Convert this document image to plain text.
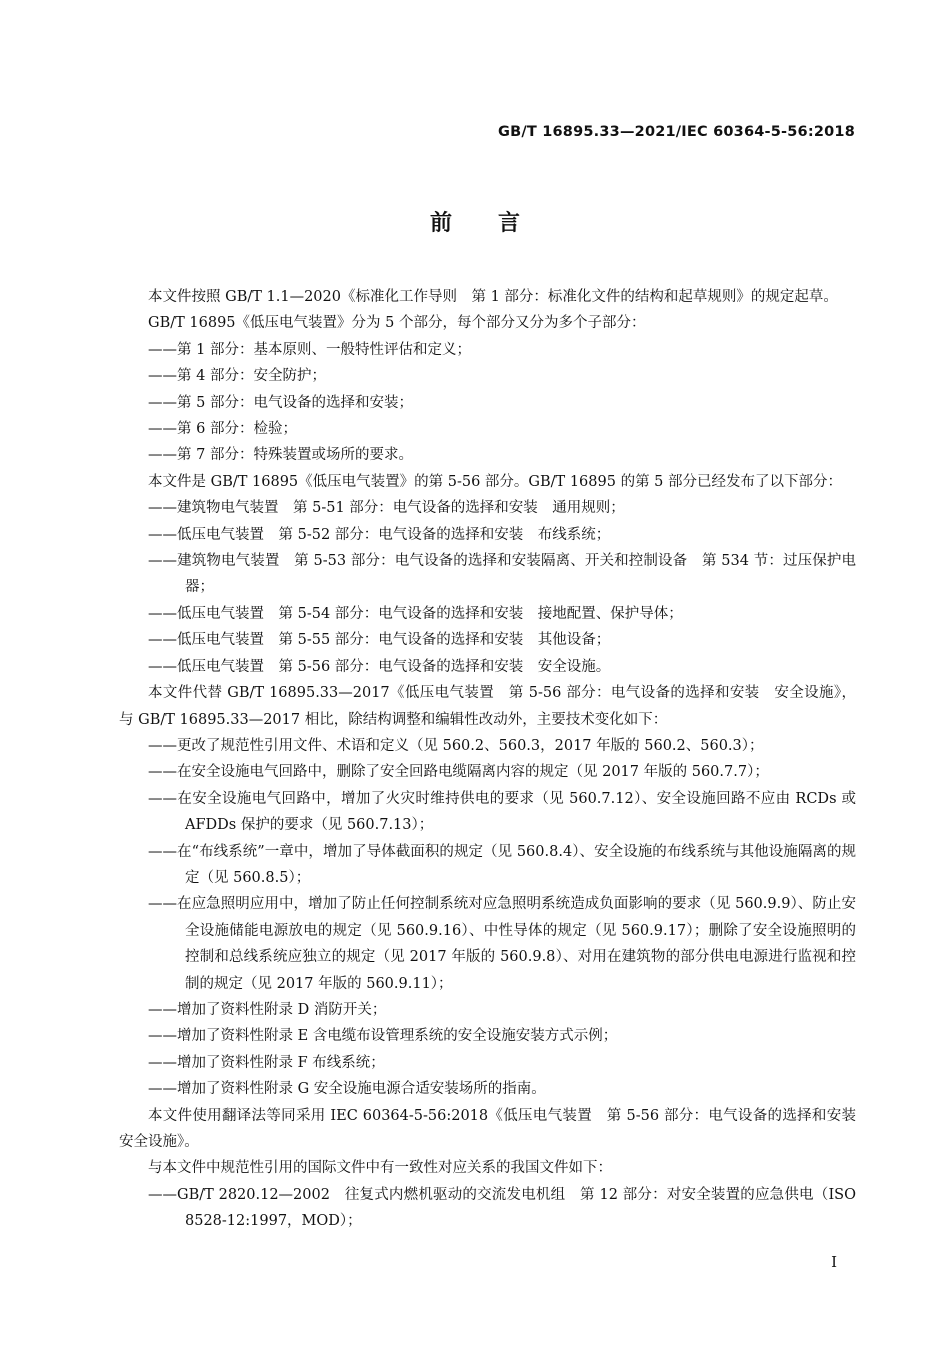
GB/T 16895.33—2021/IEC 60364-5-56:2018
前言

本文件按照 GB/T 1.1—2020《标准化工作导则　第 1 部分：标准化文件的结构和起草规则》的规定起草。

GB/T 16895《低压电气装置》分为 5 个部分，每个部分又分为多个子部分：

——第 1 部分：基本原则、一般特性评估和定义；

——第 4 部分：安全防护；

——第 5 部分：电气设备的选择和安装；

——第 6 部分：检验；

——第 7 部分：特殊装置或场所的要求。

本文件是 GB/T 16895《低压电气装置》的第 5-56 部分。GB/T 16895 的第 5 部分已经发布了以下部分：

——建筑物电气装置　第 5-51 部分：电气设备的选择和安装　通用规则；

——低压电气装置　第 5-52 部分：电气设备的选择和安装　布线系统；

——建筑物电气装置　第 5-53 部分：电气设备的选择和安装隔离、开关和控制设备　第 534 节：过压保护电器；

——低压电气装置　第 5-54 部分：电气设备的选择和安装　接地配置、保护导体；

——低压电气装置　第 5-55 部分：电气设备的选择和安装　其他设备；

——低压电气装置　第 5-56 部分：电气设备的选择和安装　安全设施。

本文件代替 GB/T 16895.33—2017《低压电气装置　第 5-56 部分：电气设备的选择和安装　安全设施》，与 GB/T 16895.33—2017 相比，除结构调整和编辑性改动外，主要技术变化如下：

——更改了规范性引用文件、术语和定义（见 560.2、560.3，2017 年版的 560.2、560.3）；

——在安全设施电气回路中，删除了安全回路电缆隔离内容的规定（见 2017 年版的 560.7.7）；

——在安全设施电气回路中，增加了火灾时维持供电的要求（见 560.7.12）、安全设施回路不应由 RCDs 或 AFDDs 保护的要求（见 560.7.13）；

——在“布线系统”一章中，增加了导体截面积的规定（见 560.8.4）、安全设施的布线系统与其他设施隔离的规定（见 560.8.5）；

——在应急照明应用中，增加了防止任何控制系统对应急照明系统造成负面影响的要求（见 560.9.9）、防止安全设施储能电源放电的规定（见 560.9.16）、中性导体的规定（见 560.9.17）；删除了安全设施照明的控制和总线系统应独立的规定（见 2017 年版的 560.9.8）、对用在建筑物的部分供电电源进行监视和控制的规定（见 2017 年版的 560.9.11）；

——增加了资料性附录 D 消防开关；

——增加了资料性附录 E 含电缆布设管理系统的安全设施安装方式示例；

——增加了资料性附录 F 布线系统；

——增加了资料性附录 G 安全设施电源合适安装场所的指南。

本文件使用翻译法等同采用 IEC 60364-5-56:2018《低压电气装置　第 5-56 部分：电气设备的选择和安装　安全设施》。

与本文件中规范性引用的国际文件中有一致性对应关系的我国文件如下：

——GB/T 2820.12—2002　往复式内燃机驱动的交流发电机组　第 12 部分：对安全装置的应急供电（ISO 8528-12:1997，MOD）；

I
